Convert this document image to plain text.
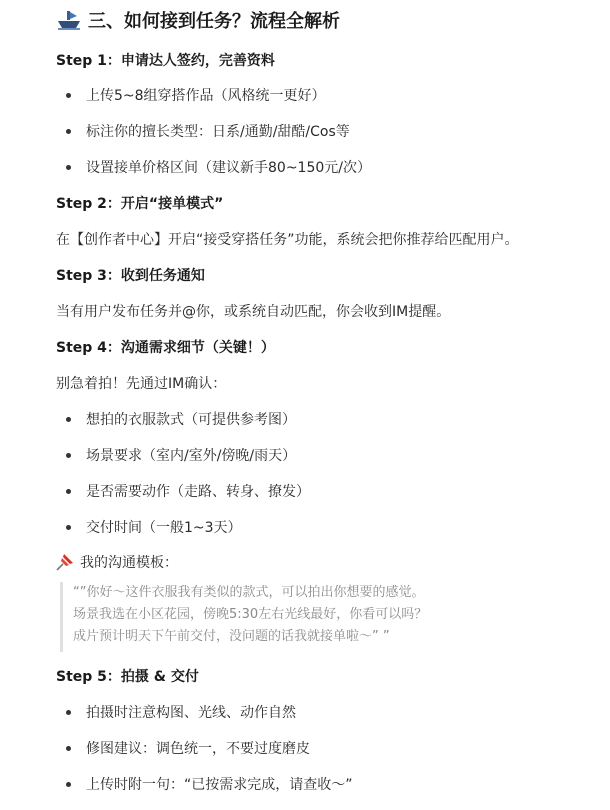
三、如何接到任务？流程全解析
Step 1：申请达人签约，完善资料
上传5~8组穿搭作品（风格统一更好）
标注你的擅长类型：日系/通勤/甜酷/Cos等
设置接单价格区间（建议新手80~150元/次）
Step 2：开启“接单模式”
在【创作者中心】开启“接受穿搭任务”功能，系统会把你推荐给匹配用户。
Step 3：收到任务通知
当有用户发布任务并@你，或系统自动匹配，你会收到IM提醒。
Step 4：沟通需求细节（关键！）
别急着拍！先通过IM确认：
想拍的衣服款式（可提供参考图）
场景要求（室内/室外/傍晚/雨天）
是否需要动作（走路、转身、撩发）
交付时间（一般1~3天）
我的沟通模板：
“”你好～这件衣服我有类似的款式，可以拍出你想要的感觉。
场景我选在小区花园，傍晚5:30左右光线最好，你看可以吗？
成片预计明天下午前交付，没问题的话我就接单啦～” ”
Step 5：拍摄 & 交付
拍摄时注意构图、光线、动作自然
修图建议：调色统一，不要过度磨皮
上传时附一句：“已按需求完成，请查收～”
